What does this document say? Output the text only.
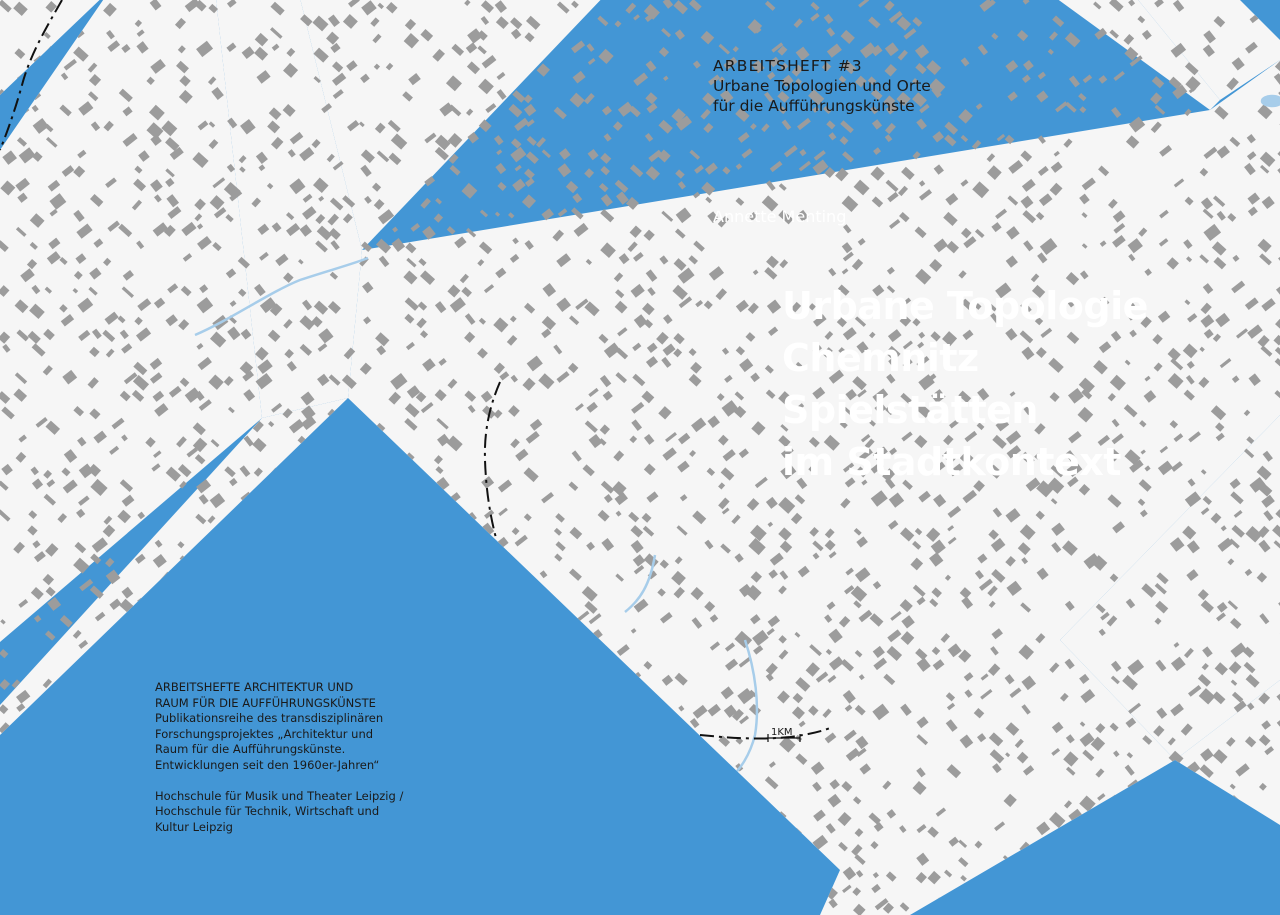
ARBEITSHEFT #3
Urbane Topologien und Orte
für die Aufführungskünste
Annette Menting
Urbane Topologie
Chemnitz
Spielstätten
im Stadtkontext
ARBEITSHEFTE ARCHITEKTUR UND
RAUM FÜR DIE AUFFÜHRUNGSKÜNSTE
Publikationsreihe des transdisziplinären
Forschungsprojektes „Architektur und
Raum für die Aufführungskünste.
Entwicklungen seit den 1960er-Jahren“
Hochschule für Musik und Theater Leipzig /
Hochschule für Technik, Wirtschaft und
Kultur Leipzig
1KM
